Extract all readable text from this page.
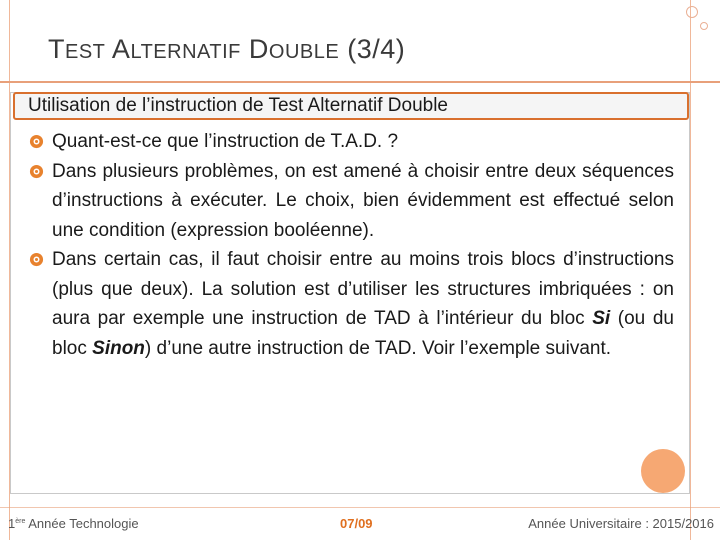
TEST ALTERNATIF DOUBLE (3/4)
Utilisation de l’instruction de Test Alternatif Double
Quant-est-ce que l’instruction de T.A.D. ?
Dans plusieurs problèmes, on est amené à choisir entre deux séquences d’instructions à exécuter. Le choix, bien évidemment est effectué selon une condition (expression booléenne).
Dans certain cas, il faut choisir entre au moins trois blocs d’instructions (plus que deux). La solution est d’utiliser les structures imbriquées : on aura par exemple une instruction de TAD à l’intérieur du bloc Si (ou du bloc Sinon) d’une autre instruction de TAD. Voir l’exemple suivant.
1ère Année Technologie	07/09	Année Universitaire : 2015/2016
